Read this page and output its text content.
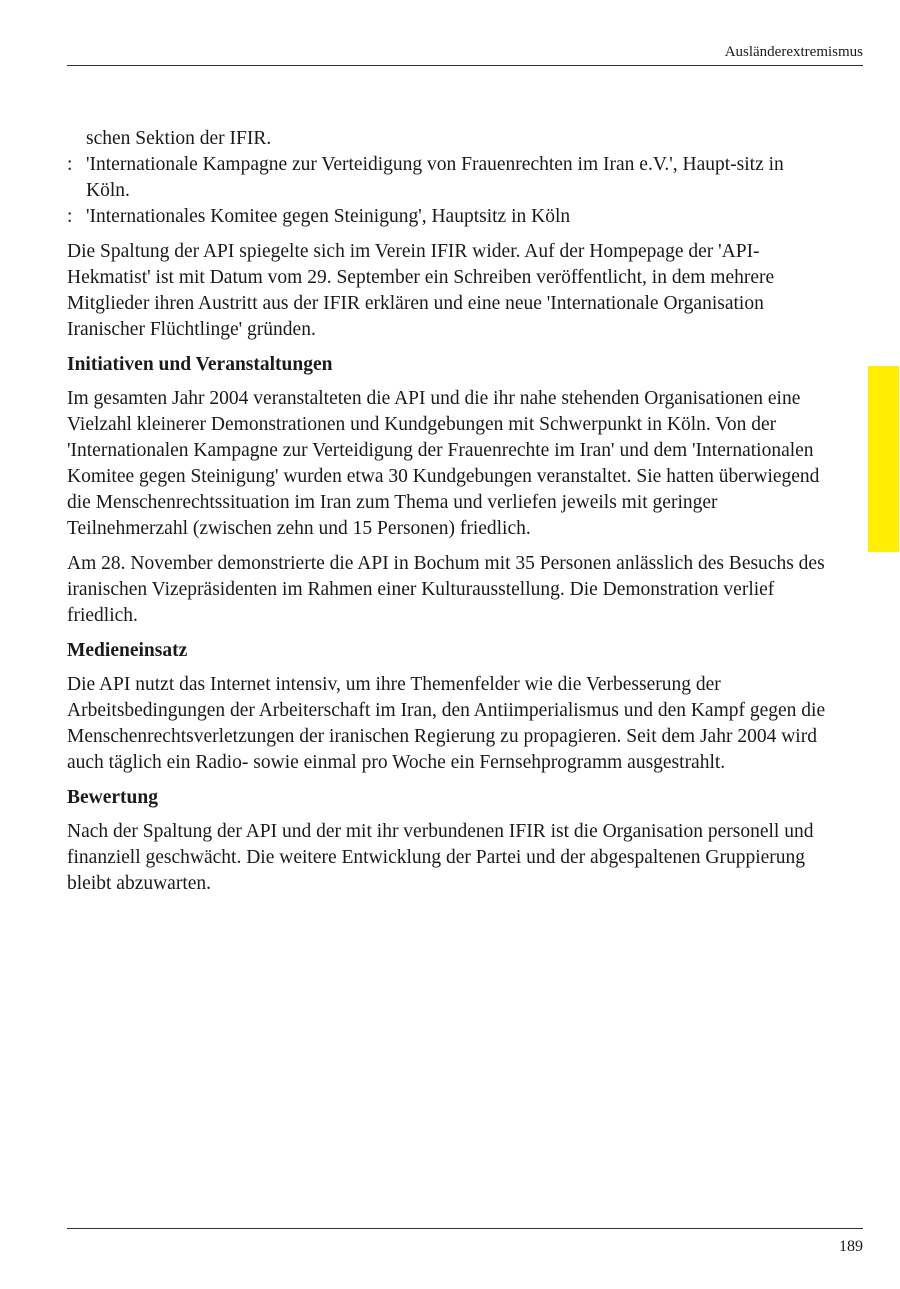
Ausländerextremismus
schen Sektion der IFIR.
: 'Internationale Kampagne zur Verteidigung von Frauenrechten im Iran e.V.', Haupt-sitz in Köln.
: 'Internationales Komitee gegen Steinigung', Hauptsitz in Köln

Die Spaltung der API spiegelte sich im Verein IFIR wider. Auf der Hompepage der 'API-Hekmatist' ist mit Datum vom 29. September ein Schreiben veröffentlicht, in dem mehrere Mitglieder ihren Austritt aus der IFIR erklären und eine neue 'Internationale Organisation Iranischer Flüchtlinge' gründen.

Initiativen und Veranstaltungen

Im gesamten Jahr 2004 veranstalteten die API und die ihr nahe stehenden Organisationen eine Vielzahl kleinerer Demonstrationen und Kundgebungen mit Schwerpunkt in Köln. Von der 'Internationalen Kampagne zur Verteidigung der Frauenrechte im Iran' und dem 'Internationalen Komitee gegen Steinigung' wurden etwa 30 Kundgebungen veranstaltet. Sie hatten überwiegend die Menschenrechtssituation im Iran zum Thema und verliefen jeweils mit geringer Teilnehmerzahl (zwischen zehn und 15 Personen) friedlich.

Am 28. November demonstrierte die API in Bochum mit 35 Personen anlässlich des Besuchs des iranischen Vizepräsidenten im Rahmen einer Kulturausstellung. Die Demonstration verlief friedlich.

Medieneinsatz

Die API nutzt das Internet intensiv, um ihre Themenfelder wie die Verbesserung der Arbeitsbedingungen der Arbeiterschaft im Iran, den Antiimperialismus und den Kampf gegen die Menschenrechtsverletzungen der iranischen Regierung zu propagieren. Seit dem Jahr 2004 wird auch täglich ein Radio- sowie einmal pro Woche ein Fernsehprogramm ausgestrahlt.

Bewertung

Nach der Spaltung der API und der mit ihr verbundenen IFIR ist die Organisation personell und finanziell geschwächt. Die weitere Entwicklung der Partei und der abgespaltenen Gruppierung bleibt abzuwarten.

189
